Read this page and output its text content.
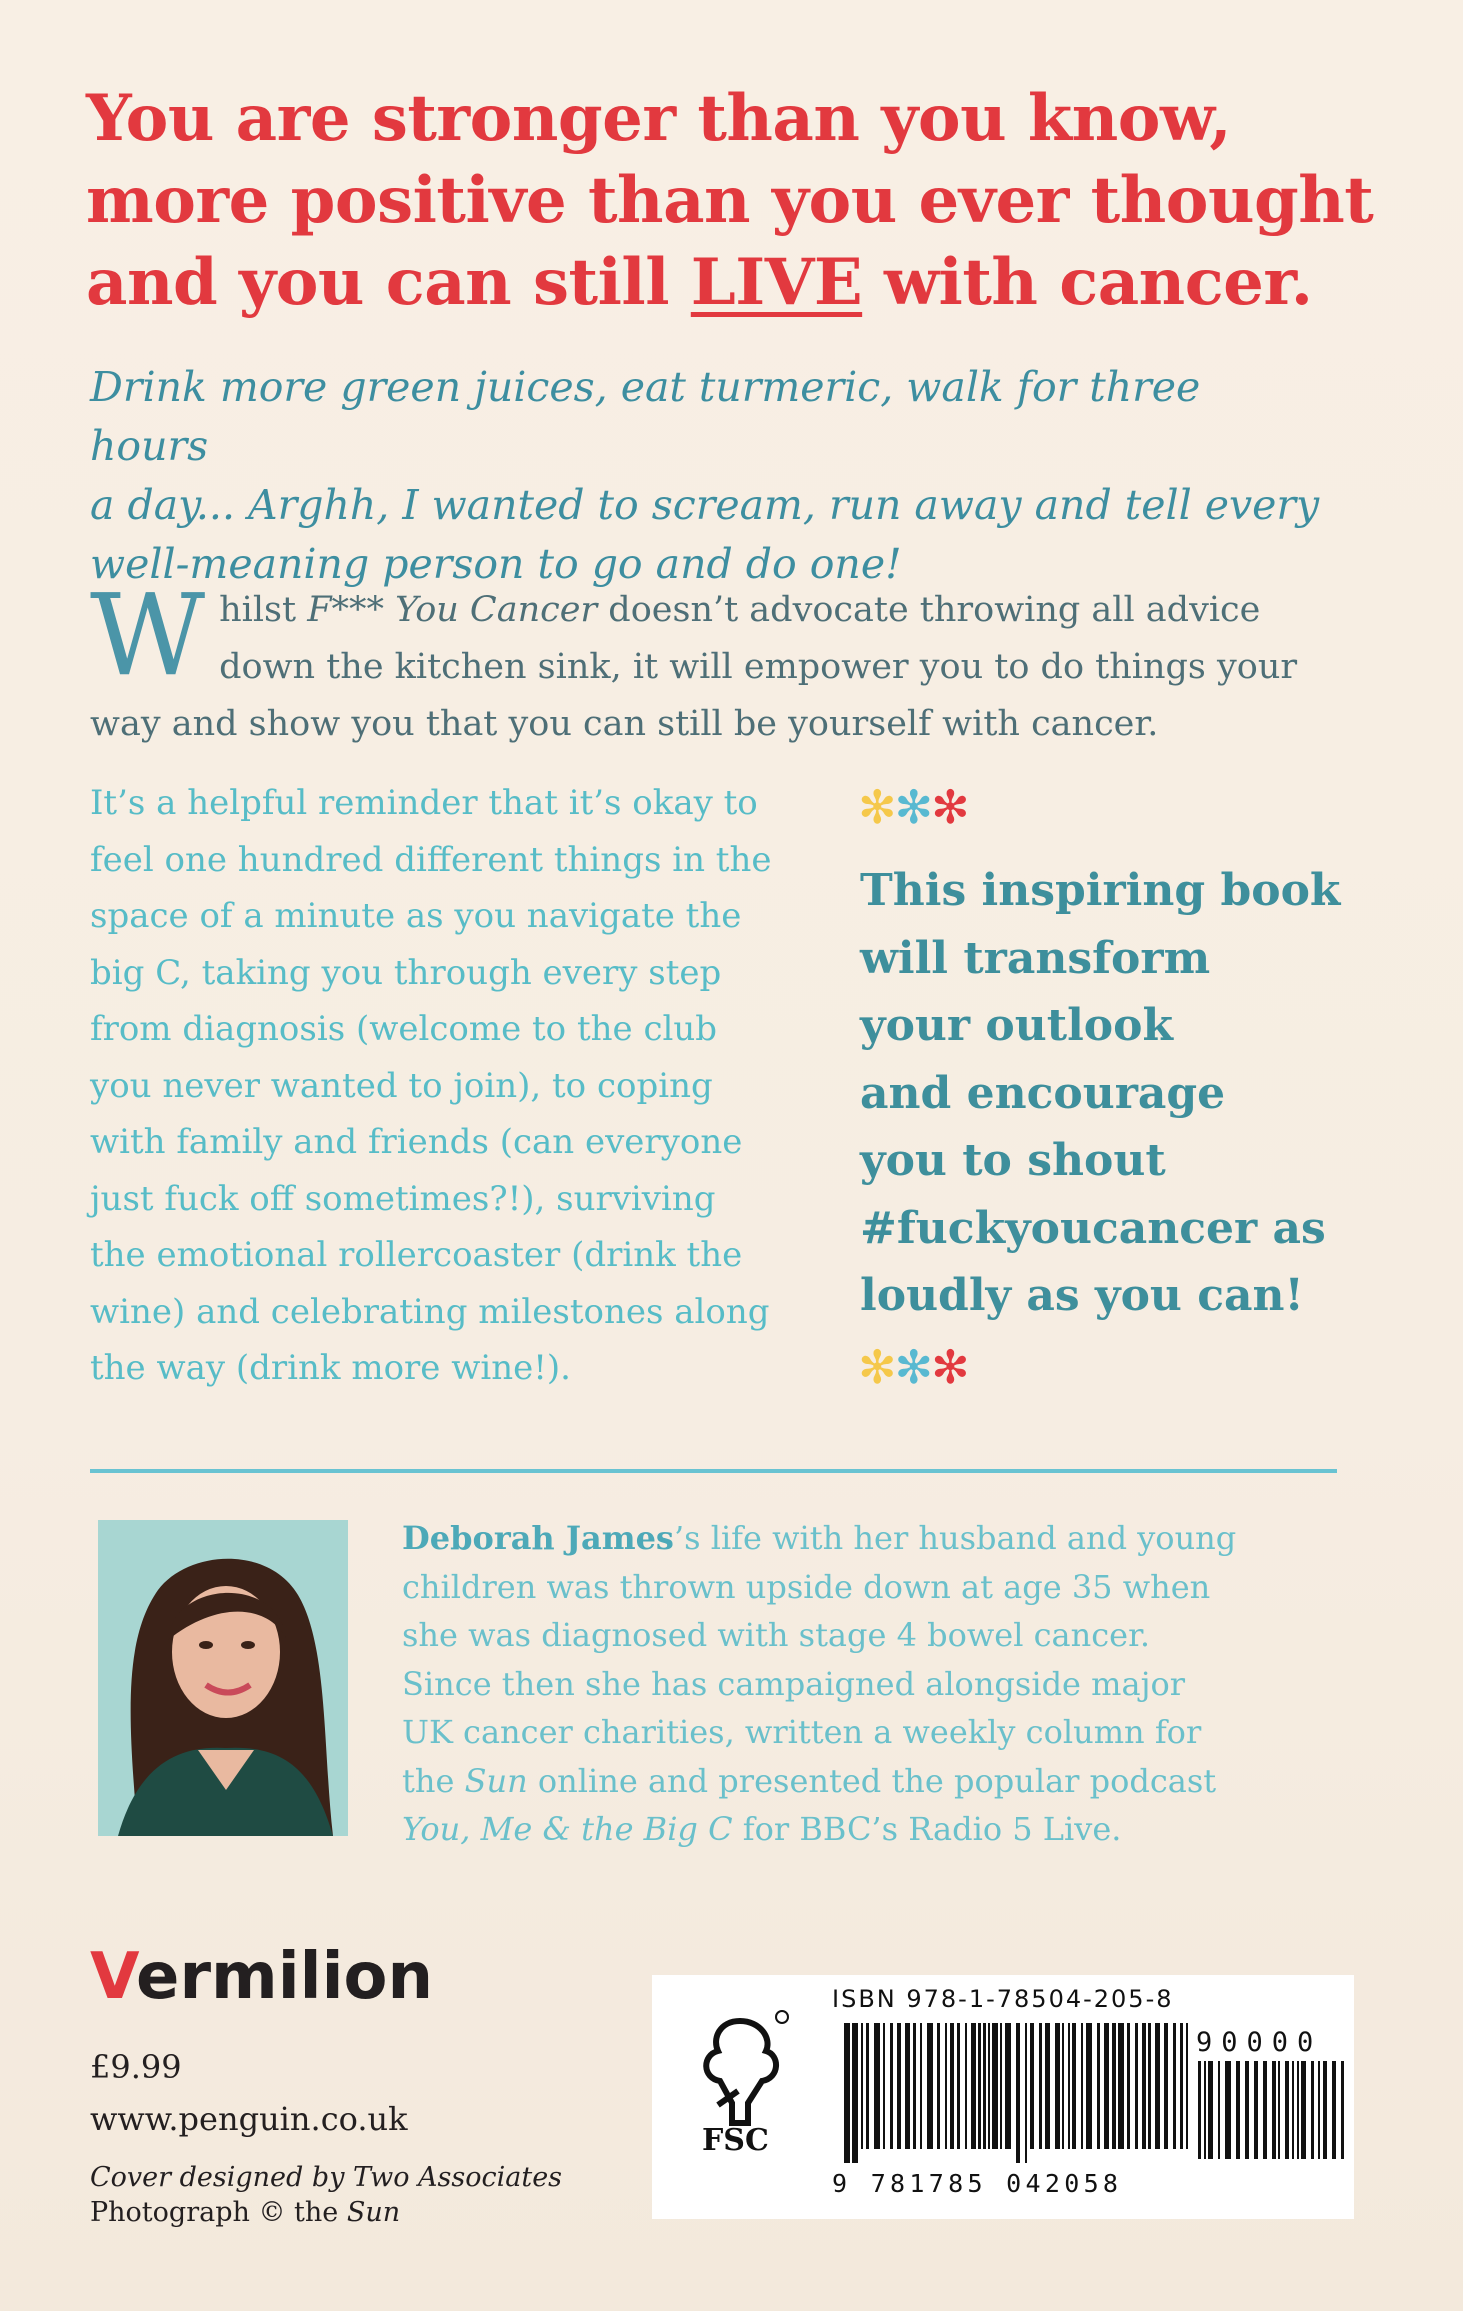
You are stronger than you know,
more positive than you ever thought
and you can still LIVE with cancer.
Drink more green juices, eat turmeric, walk for three hours
a day... Arghh, I wanted to scream, run away and tell every
well-meaning person to go and do one!
W hilst F*** You Cancer doesn’t advocate throwing all advice
down the kitchen sink, it will empower you to do things your
way and show you that you can still be yourself with cancer.
It’s a helpful reminder that it’s okay to
feel one hundred different things in the
space of a minute as you navigate the
big C, taking you through every step
from diagnosis (welcome to the club
you never wanted to join), to coping
with family and friends (can everyone
just fuck off sometimes?!), surviving
the emotional rollercoaster (drink the
wine) and celebrating milestones along
the way (drink more wine!).
✻✻✻
This inspiring book
will transform
your outlook
and encourage
you to shout
#fuckyoucancer as
loudly as you can!
✻✻✻
Deborah James’s life with her husband and young
children was thrown upside down at age 35 when
she was diagnosed with stage 4 bowel cancer.
Since then she has campaigned alongside major
UK cancer charities, written a weekly column for
the Sun online and presented the popular podcast
You, Me & the Big C for BBC’s Radio 5 Live.
Vermilion
£9.99
www.penguin.co.uk
Cover designed by Two Associates
Photograph © the Sun
FSC
ISBN 978-1-78504-205-8
9 781785 042058
90000
